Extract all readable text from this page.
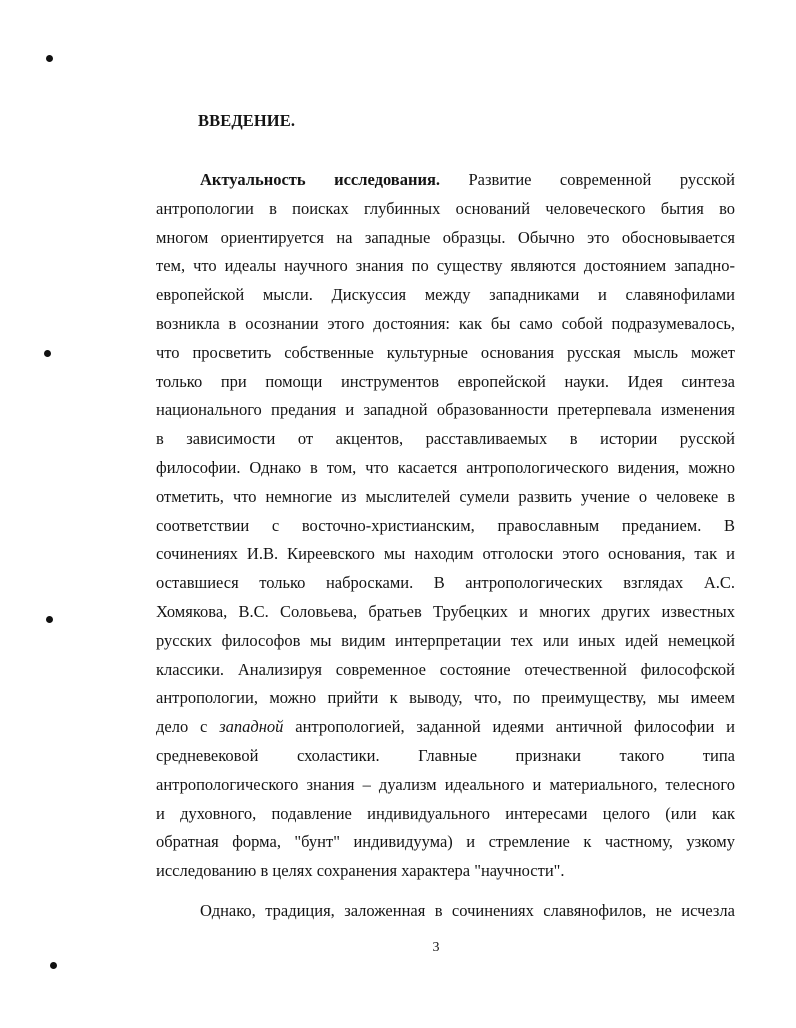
ВВЕДЕНИЕ.
Актуальность исследования. Развитие современной русской
антропологии в поисках глубинных оснований человеческого бытия во
многом ориентируется на западные образцы. Обычно это обосновывается
тем, что идеалы научного знания по существу являются достоянием западно-
европейской мысли. Дискуссия между западниками и славянофилами
возникла в осознании этого достояния: как бы само собой подразумевалось,
что просветить собственные культурные основания русская мысль может
только при помощи инструментов европейской науки. Идея синтеза
национального предания и западной образованности претерпевала изменения
в зависимости от акцентов, расставливаемых в истории русской
философии. Однако в том, что касается антропологического видения, можно
отметить, что немногие из мыслителей сумели развить учение о человеке в
соответствии с восточно-христианским, православным преданием. В
сочинениях И.В. Киреевского мы находим отголоски этого основания, так и
оставшиеся только набросками. В антропологических взглядах А.С.
Хомякова, В.С. Соловьева, братьев Трубецких и многих других известных
русских философов мы видим интерпретации тех или иных идей немецкой
классики. Анализируя современное состояние отечественной философской
антропологии, можно прийти к выводу, что, по преимуществу, мы имеем
дело с западной антропологией, заданной идеями античной философии и
средневековой схоластики. Главные признаки такого типа
антропологического знания – дуализм идеального и материального, телесного
и духовного, подавление индивидуального интересами целого (или как
обратная форма, "бунт" индивидуума) и стремление к частному, узкому
исследованию в целях сохранения характера "научности".
Однако, традиция, заложенная в сочинениях славянофилов, не исчезла

3
